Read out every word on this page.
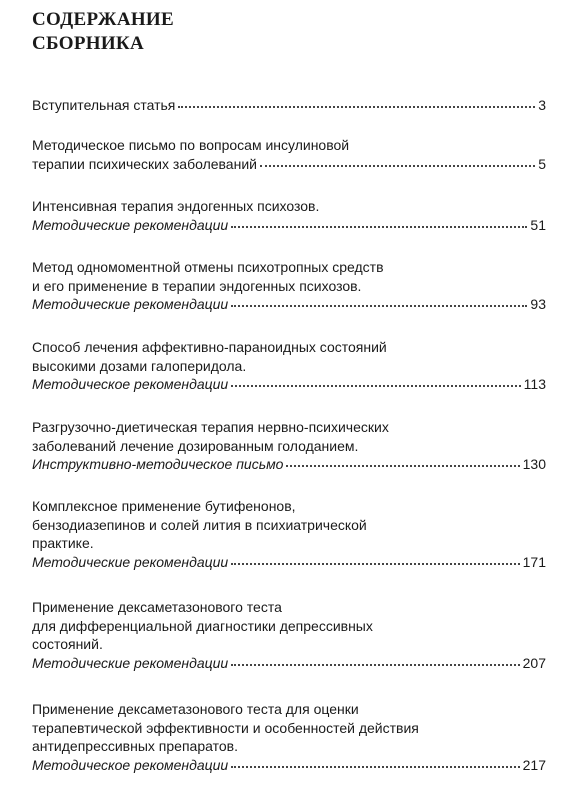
СОДЕРЖАНИЕ
СБОРНИКА
Вступительная статья	3
Методическое письмо по вопросам инсулиновой
терапии психических заболеваний	5
Интенсивная терапия эндогенных психозов.
Методические рекомендации	51
Метод одномоментной отмены психотропных средств
и его применение в терапии эндогенных психозов.
Методические рекомендации	93
Способ лечения аффективно-параноидных состояний
высокими дозами галоперидола.
Методическое рекомендации	113
Разгрузочно-диетическая терапия нервно-психических
заболеваний лечение дозированным голоданием.
Инструктивно-методическое письмо	130
Комплексное применение бутифенонов,
бензодиазепинов и солей лития в психиатрической
практике.
Методические рекомендации	171
Применение дексаметазонового теста
для дифференциальной диагностики депрессивных
состояний.
Методические рекомендации	207
Применение дексаметазонового теста для оценки
терапевтической эффективности и особенностей действия
антидепрессивных препаратов.
Методическое рекомендации	217
